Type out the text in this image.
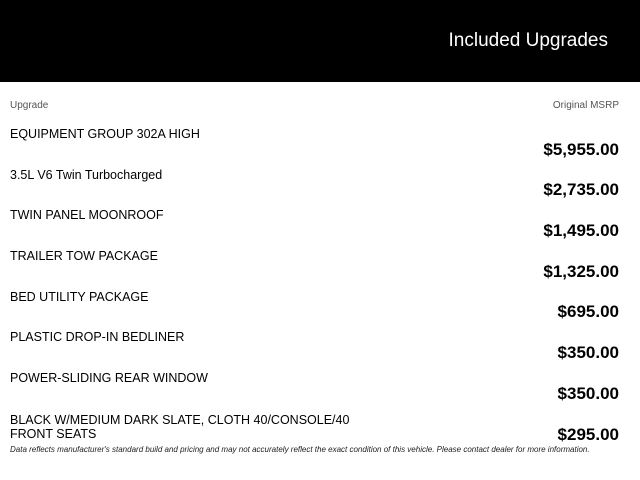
Included Upgrades
Upgrade	Original MSRP
EQUIPMENT GROUP 302A HIGH
$5,955.00
3.5L V6 Twin Turbocharged
$2,735.00
TWIN PANEL MOONROOF
$1,495.00
TRAILER TOW PACKAGE
$1,325.00
BED UTILITY PACKAGE
$695.00
PLASTIC DROP-IN BEDLINER
$350.00
POWER-SLIDING REAR WINDOW
$350.00
BLACK W/MEDIUM DARK SLATE, CLOTH 40/CONSOLE/40 FRONT SEATS	$295.00
Data reflects manufacturer's standard build and pricing and may not accurately reflect the exact condition of this vehicle. Please contact dealer for more information.
